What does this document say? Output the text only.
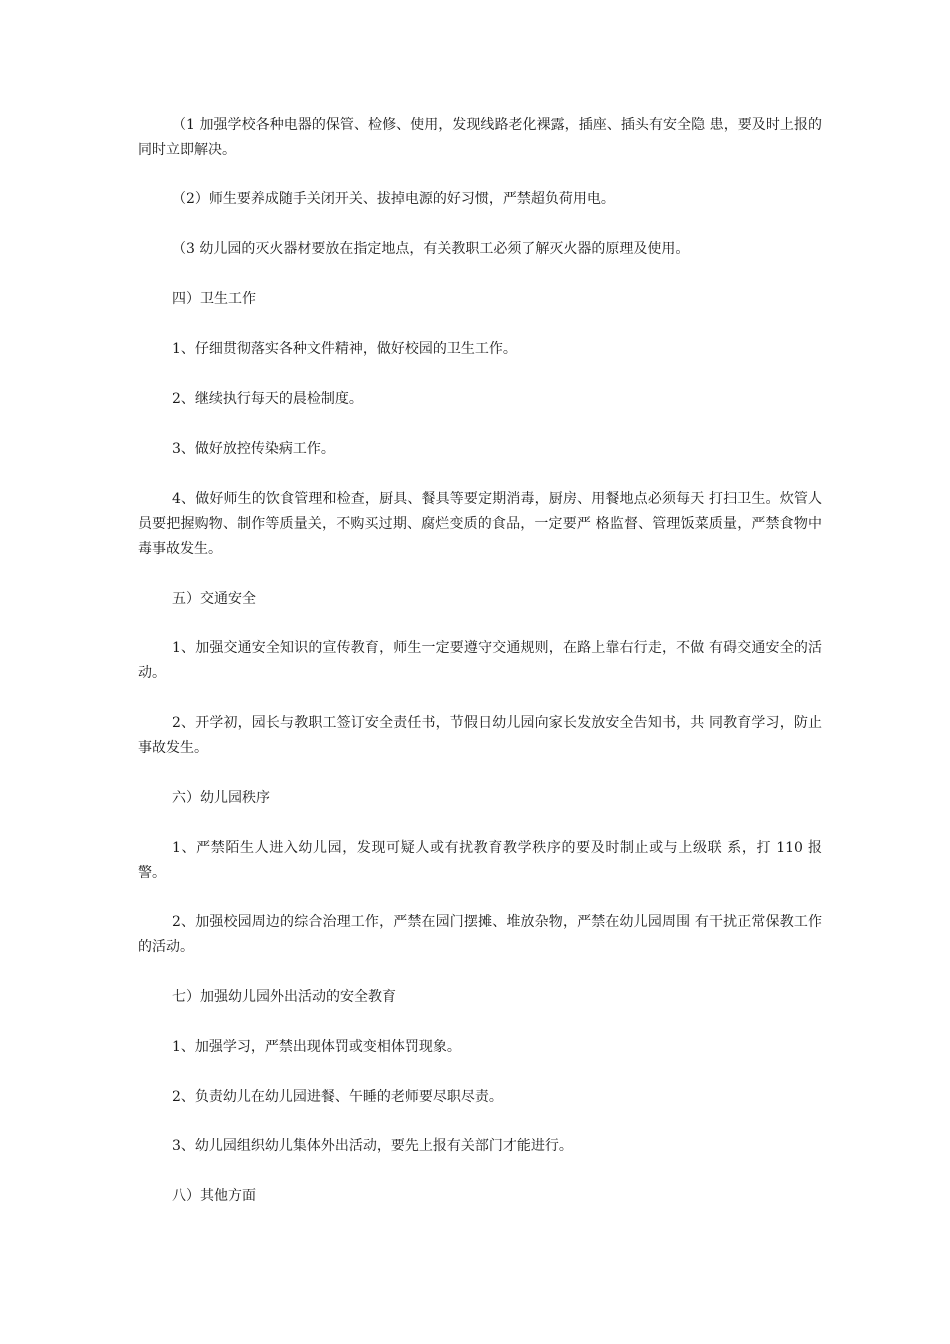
（1 加强学校各种电器的保管、检修、使用，发现线路老化裸露，插座、插头有安全隐 患，要及时上报的同时立即解决。

（2）师生要养成随手关闭开关、拔掉电源的好习惯，严禁超负荷用电。

（3 幼儿园的灭火器材要放在指定地点，有关教职工必须了解灭火器的原理及使用。

四）卫生工作

1、仔细贯彻落实各种文件精神，做好校园的卫生工作。

2、继续执行每天的晨检制度。

3、做好放控传染病工作。

4、做好师生的饮食管理和检查，厨具、餐具等要定期消毒，厨房、用餐地点必须每天 打扫卫生。炊管人员要把握购物、制作等质量关，不购买过期、腐烂变质的食品，一定要严 格监督、管理饭菜质量，严禁食物中毒事故发生。

五）交通安全

1、加强交通安全知识的宣传教育，师生一定要遵守交通规则，在路上靠右行走，不做 有碍交通安全的活动。

2、开学初，园长与教职工签订安全责任书，节假日幼儿园向家长发放安全告知书，共 同教育学习，防止事故发生。

六）幼儿园秩序

1、严禁陌生人进入幼儿园，发现可疑人或有扰教育教学秩序的要及时制止或与上级联 系，打 110 报警。

2、加强校园周边的综合治理工作，严禁在园门摆摊、堆放杂物，严禁在幼儿园周围 有干扰正常保教工作的活动。

七）加强幼儿园外出活动的安全教育

1、加强学习，严禁出现体罚或变相体罚现象。

2、负责幼儿在幼儿园进餐、午睡的老师要尽职尽责。

3、幼儿园组织幼儿集体外出活动，要先上报有关部门才能进行。

八）其他方面
